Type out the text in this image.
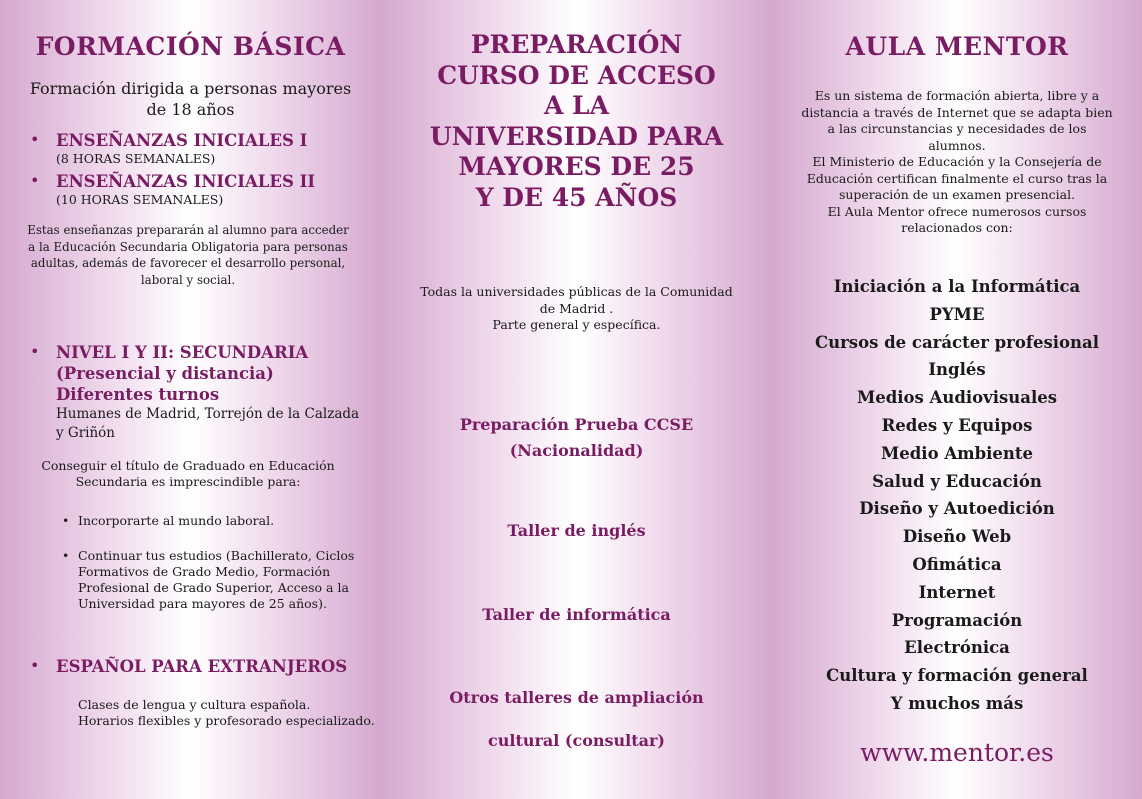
FORMACIÓN BÁSICA
Formación dirigida a personas mayores
de 18 años
• ENSEÑANZAS INICIALES I
(8 HORAS SEMANALES)
• ENSEÑANZAS INICIALES II
(10 HORAS SEMANALES)
Estas enseñanzas prepararán al alumno para acceder
a la Educación Secundaria Obligatoria para personas
adultas, además de favorecer el desarrollo personal,
laboral y social.
• NIVEL I Y II: SECUNDARIA
(Presencial y distancia)
Diferentes turnos
Humanes de Madrid, Torrejón de la Calzada
y Griñón
Conseguir el título de Graduado en Educación
Secundaria es imprescindible para:
• Incorporarte al mundo laboral.
• Continuar tus estudios (Bachillerato, Ciclos
Formativos de Grado Medio, Formación
Profesional de Grado Superior, Acceso a la
Universidad para mayores de 25 años).
• ESPAÑOL PARA EXTRANJEROS
Clases de lengua y cultura española.
Horarios flexibles y profesorado especializado.
PREPARACIÓN
CURSO DE ACCESO
A LA
UNIVERSIDAD PARA
MAYORES DE 25
Y DE 45 AÑOS
Todas la universidades públicas de la Comunidad
de Madrid .
Parte general y específica.
Preparación Prueba CCSE
(Nacionalidad)
Taller de inglés
Taller de informática
Otros talleres de ampliación
cultural (consultar)
AULA MENTOR
Es un sistema de formación abierta, libre y a
distancia a través de Internet que se adapta bien
a las circunstancias y necesidades de los
alumnos.
El Ministerio de Educación y la Consejería de
Educación certifican finalmente el curso tras la
superación de un examen presencial.
El Aula Mentor ofrece numerosos cursos
relacionados con:
Iniciación a la Informática
PYME
Cursos de carácter profesional
Inglés
Medios Audiovisuales
Redes y Equipos
Medio Ambiente
Salud y Educación
Diseño y Autoedición
Diseño Web
Ofimática
Internet
Programación
Electrónica
Cultura y formación general
Y muchos más
www.mentor.es
